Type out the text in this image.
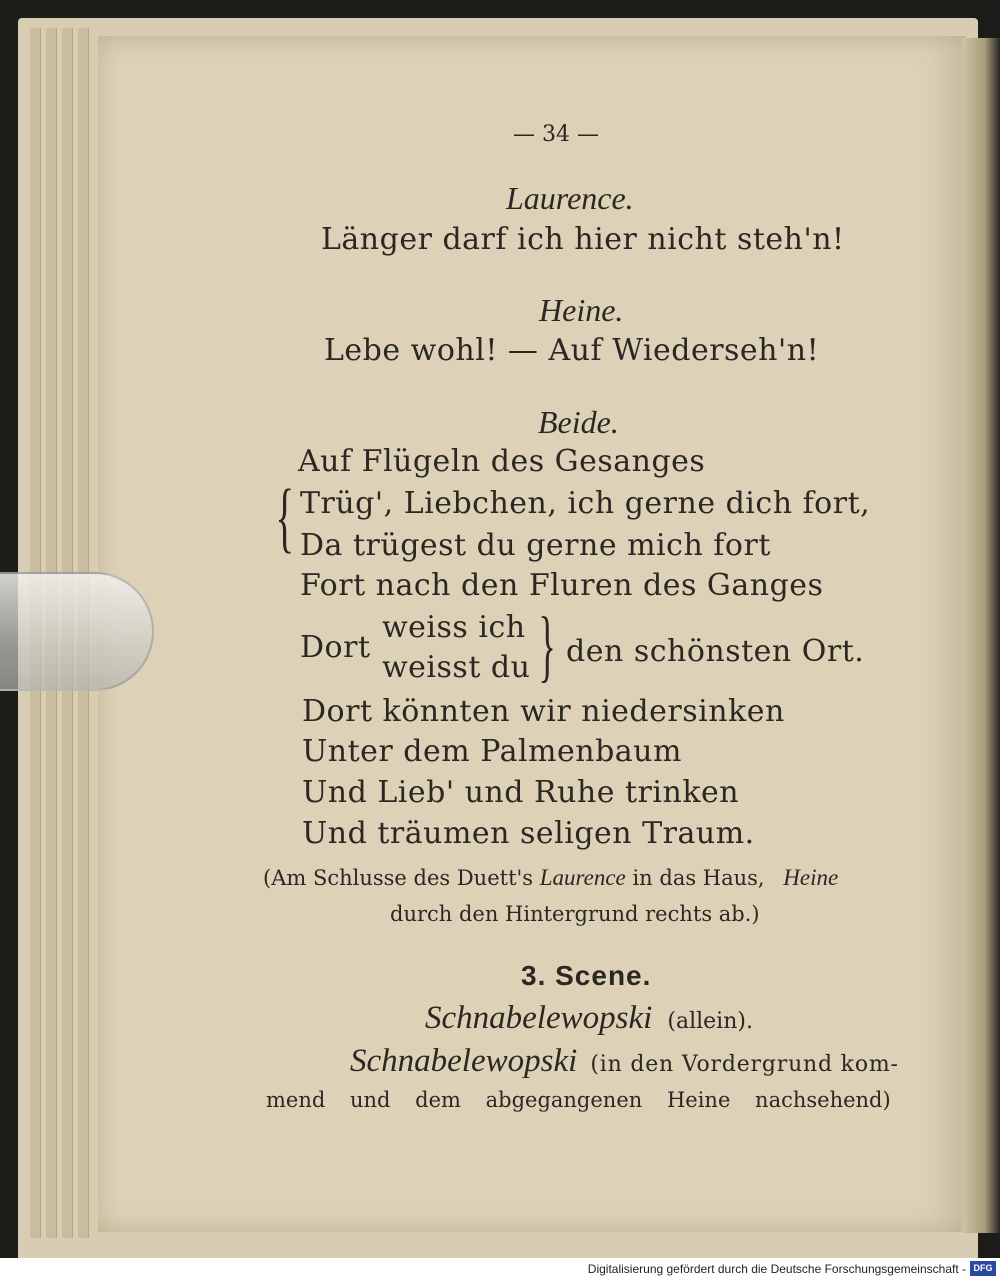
— 34 —
Laurence.
Länger darf ich hier nicht steh'n!
Heine.
Lebe wohl! — Auf Wiederseh'n!
Beide.
Auf Flügeln des Gesanges
{ Trüg', Liebchen, ich gerne dich fort,
Da trügest du gerne mich fort
Fort nach den Fluren des Ganges
Dort
weiss ich
weisst du } den schönsten Ort.
Dort könnten wir niedersinken
Unter dem Palmenbaum
Und Lieb' und Ruhe trinken
Und träumen seligen Traum.
(Am Schlusse des Duett's Laurence in das Haus, Heine
durch den Hintergrund rechts ab.)
3. Scene.
Schnabelewopski (allein).
Schnabelewopski (in den Vordergrund kom-
mend und dem abgegangenen Heine nachsehend)
Digitalisierung gefördert durch die Deutsche Forschungsgemeinschaft - DFG
